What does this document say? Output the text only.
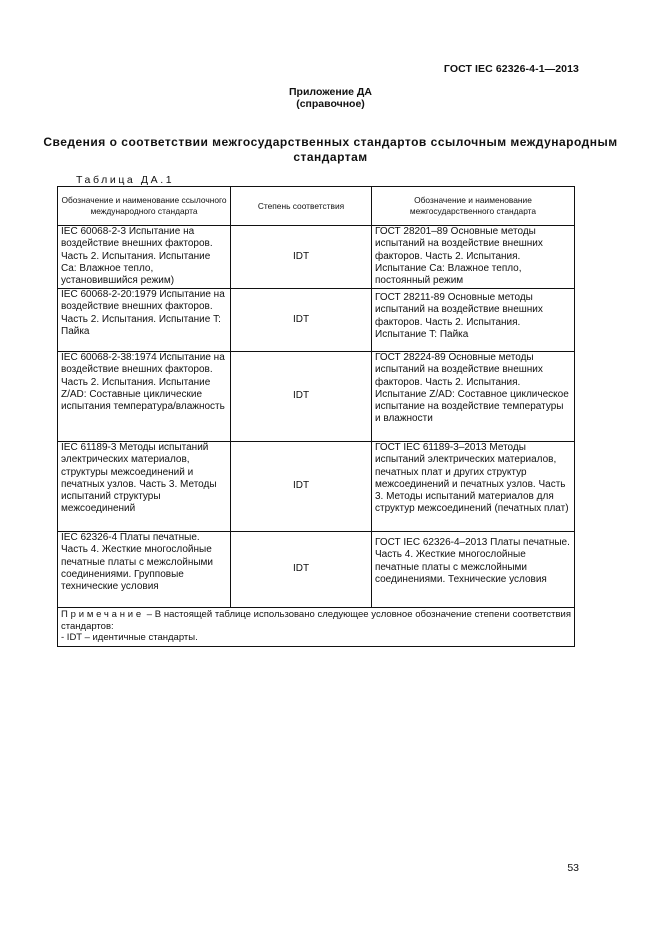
ГОСТ IEC 62326-4-1—2013
Приложение ДА
(справочное)
Сведения о соответствии межгосударственных стандартов ссылочным международным стандартам
Таблица ДА.1
Обозначение и наименование ссылочного международного стандарта	Степень соответствия	Обозначение и наименование межгосударственного стандарта
IEC 60068-2-3 Испытание на воздействие внешних факторов. Часть 2. Испытания. Испытание Ca: Влажное тепло, установившийся режим)	IDT	ГОСТ 28201–89 Основные методы испытаний на воздействие внешних факторов. Часть 2. Испытания. Испытание Ca: Влажное тепло, постоянный режим
IEC 60068-2-20:1979 Испытание на воздействие внешних факторов. Часть 2. Испытания. Испытание T: Пайка	IDT	ГОСТ 28211-89 Основные методы испытаний на воздействие внешних факторов. Часть 2. Испытания. Испытание T: Пайка
IEC 60068-2-38:1974 Испытание на воздействие внешних факторов. Часть 2. Испытания. Испытание Z/AD: Составные циклические испытания температура/влажность	IDT	ГОСТ 28224-89 Основные методы испытаний на воздействие внешних факторов. Часть 2. Испытания. Испытание Z/AD: Составное циклическое испытание на воздействие температуры и влажности
IEC 61189-3 Методы испытаний электрических материалов, структуры межсоединений и печатных узлов. Часть 3. Методы испытаний структуры межсоединений	IDT	ГОСТ IEC 61189-3–2013 Методы испытаний электрических материалов, печатных плат и других структур межсоединений и печатных узлов. Часть 3. Методы испытаний материалов для структур межсоединений (печатных плат)
IEC 62326-4 Платы печатные. Часть 4. Жесткие многослойные печатные платы с межслойными соединениями. Групповые технические условия	IDT	ГОСТ IEC 62326-4–2013 Платы печатные. Часть 4. Жесткие многослойные печатные платы с межслойными соединениями. Технические условия
Примечание – В настоящей таблице использовано следующее условное обозначение степени соответствия стандартов:
- IDT – идентичные стандарты.		
53
